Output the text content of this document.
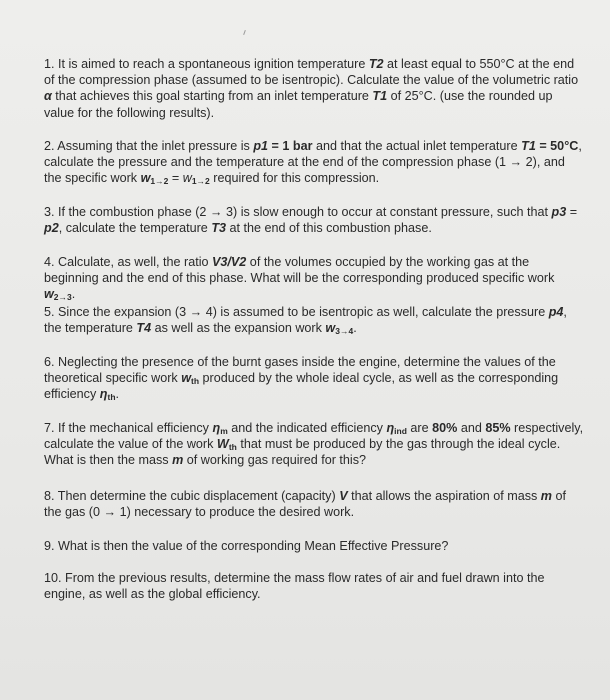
1. It is aimed to reach a spontaneous ignition temperature T2 at least equal to 550°C at the end of the compression phase (assumed to be isentropic). Calculate the value of the volumetric ratio α that achieves this goal starting from an inlet temperature T1 of 25°C. (use the rounded up value for the following results).

2. Assuming that the inlet pressure is p1 = 1 bar and that the actual inlet temperature T1 = 50°C, calculate the pressure and the temperature at the end of the compression phase (1 → 2), and the specific work $w_{1\to 2} = w_{1\to 2}$ required for this compression.

3. If the combustion phase (2 → 3) is slow enough to occur at constant pressure, such that p3 = p2, calculate the temperature T3 at the end of this combustion phase.

4. Calculate, as well, the ratio V3/V2 of the volumes occupied by the working gas at the beginning and the end of this phase. What will be the corresponding produced specific work $w_{2\to 3}$.

5. Since the expansion (3 → 4) is assumed to be isentropic as well, calculate the pressure p4, the temperature T4 as well as the expansion work $w_{3\to 4}$.

6. Neglecting the presence of the burnt gases inside the engine, determine the values of the theoretical specific work $w_{th}$ produced by the whole ideal cycle, as well as the corresponding efficiency $\eta_{th}$.

7. If the mechanical efficiency $\eta_m$ and the indicated efficiency $\eta_{ind}$ are 80% and 85% respectively, calculate the value of the work $W_{th}$ that must be produced by the gas through the ideal cycle. What is then the mass m of working gas required for this?

8. Then determine the cubic displacement (capacity) V that allows the aspiration of mass m of the gas (0 → 1) necessary to produce the desired work.

9. What is then the value of the corresponding Mean Effective Pressure?

10. From the previous results, determine the mass flow rates of air and fuel drawn into the engine, as well as the global efficiency.
